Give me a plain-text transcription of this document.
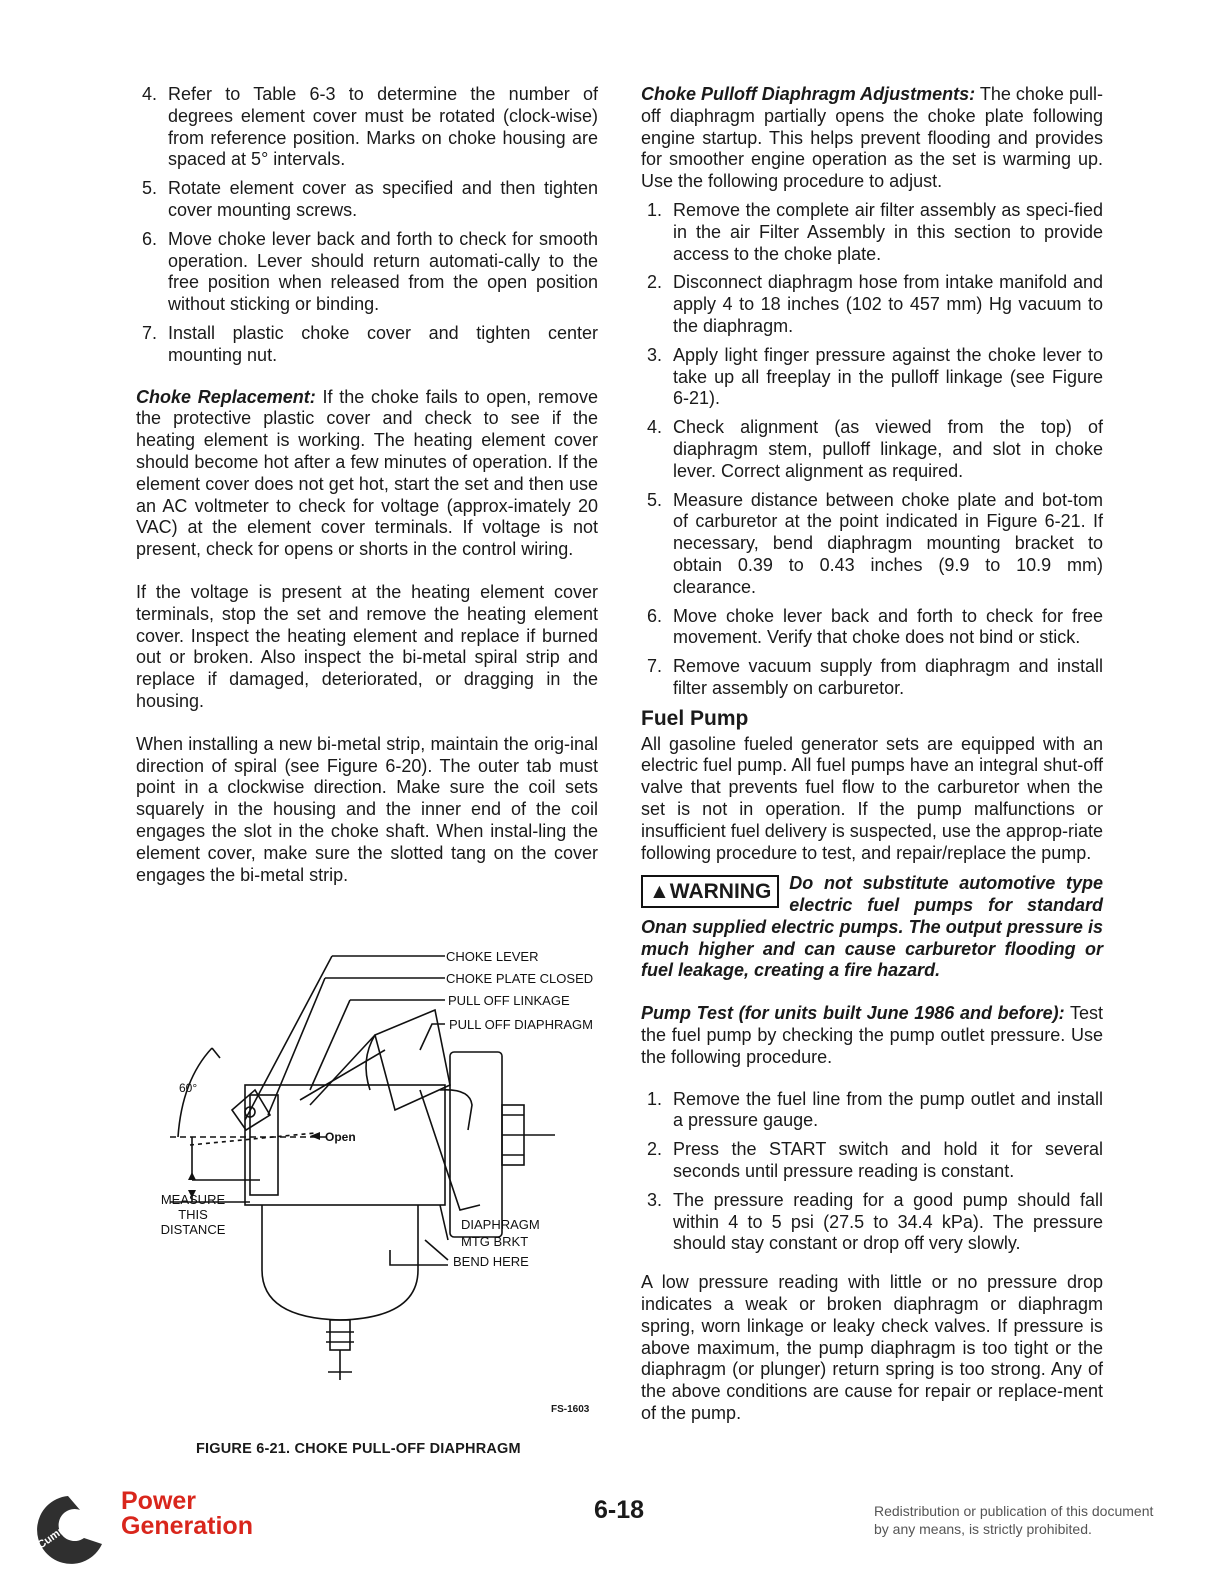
4. Refer to Table 6-3 to determine the number of degrees element cover must be rotated (clock-wise) from reference position. Marks on choke housing are spaced at 5° intervals.
5. Rotate element cover as specified and then tighten cover mounting screws.
6. Move choke lever back and forth to check for smooth operation. Lever should return automati-cally to the free position when released from the open position without sticking or binding.
7. Install plastic choke cover and tighten center mounting nut.

Choke Replacement: If the choke fails to open, remove the protective plastic cover and check to see if the heating element is working. The heating element cover should become hot after a few minutes of operation. If the element cover does not get hot, start the set and then use an AC voltmeter to check for voltage (approx-imately 20 VAC) at the element cover terminals. If voltage is not present, check for opens or shorts in the control wiring.

If the voltage is present at the heating element cover terminals, stop the set and remove the heating element cover. Inspect the heating element and replace if burned out or broken. Also inspect the bi-metal spiral strip and replace if damaged, deteriorated, or dragging in the housing.

When installing a new bi-metal strip, maintain the orig-inal direction of spiral (see Figure 6-20). The outer tab must point in a clockwise direction. Make sure the coil sets squarely in the housing and the inner end of the coil engages the slot in the choke shaft. When instal-ling the element cover, make sure the slotted tang on the cover engages the bi-metal strip.

CHOKE LEVER
CHOKE PLATE CLOSED
PULL OFF LINKAGE
PULL OFF DIAPHRAGM
60°
Open
MEASURE
THIS
DISTANCE	DIAPHRAGM
MTG BRKT
BEND HERE
FS-1603
FIGURE 6-21. CHOKE PULL-OFF DIAPHRAGM

Choke Pulloff Diaphragm Adjustments: The choke pull-off diaphragm partially opens the choke plate following engine startup. This helps prevent flooding and provides for smoother engine operation as the set is warming up. Use the following procedure to adjust.

1. Remove the complete air filter assembly as speci-fied in the air Filter Assembly in this section to provide access to the choke plate.
2. Disconnect diaphragm hose from intake manifold and apply 4 to 18 inches (102 to 457 mm) Hg vacuum to the diaphragm.
3. Apply light finger pressure against the choke lever to take up all freeplay in the pulloff linkage (see Figure 6-21).
4. Check alignment (as viewed from the top) of diaphragm stem, pulloff linkage, and slot in choke lever. Correct alignment as required.
5. Measure distance between choke plate and bot-tom of carburetor at the point indicated in Figure 6-21. If necessary, bend diaphragm mounting bracket to obtain 0.39 to 0.43 inches (9.9 to 10.9 mm) clearance.
6. Move choke lever back and forth to check for free movement. Verify that choke does not bind or stick.
7. Remove vacuum supply from diaphragm and install filter assembly on carburetor.
Fuel Pump

All gasoline fueled generator sets are equipped with an electric fuel pump. All fuel pumps have an integral shut-off valve that prevents fuel flow to the carburetor when the set is not in operation. If the pump malfunctions or insufficient fuel delivery is suspected, use the approp-riate following procedure to test, and repair/replace the pump.

▲WARNING	Do not substitute automotive type electric fuel pumps for standard Onan supplied electric pumps. The output pressure is much higher and can cause carburetor flooding or fuel leakage, creating a fire hazard.

Pump Test (for units built June 1986 and before): Test the fuel pump by checking the pump outlet pressure. Use the following procedure.

1. Remove the fuel line from the pump outlet and install a pressure gauge.
2. Press the START switch and hold it for several seconds until pressure reading is constant.
3. The pressure reading for a good pump should fall within 4 to 5 psi (27.5 to 34.4 kPa). The pressure should stay constant or drop off very slowly.

A low pressure reading with little or no pressure drop indicates a weak or broken diaphragm or diaphragm spring, worn linkage or leaky check valves. If pressure is above maximum, the pump diaphragm is too tight or the diaphragm (or plunger) return spring is too strong. Any of the above conditions are cause for repair or replace-ment of the pump.

Cummins
Power
Generation
6-18	Redistribution or publication of this document
by any means, is strictly prohibited.
